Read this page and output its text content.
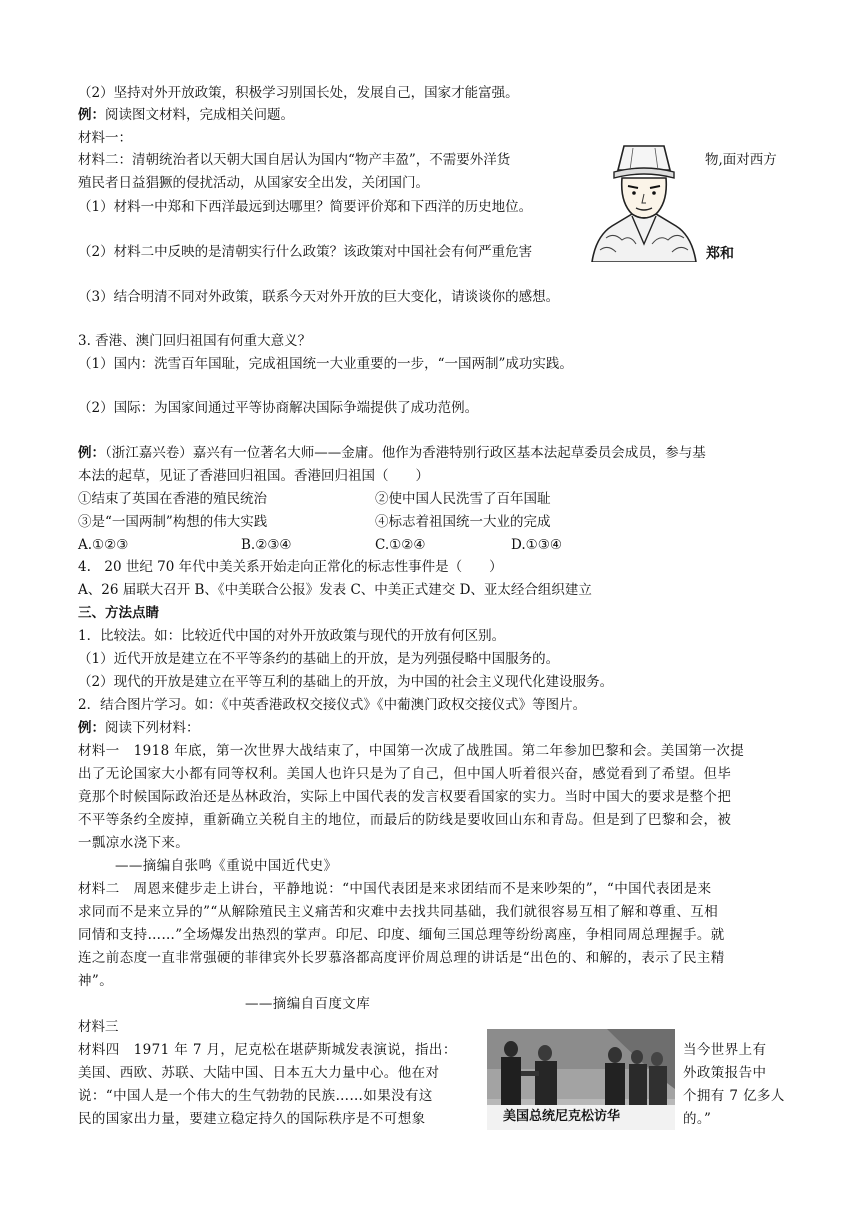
（2）坚持对外开放政策，积极学习别国长处，发展自己，国家才能富强。
例：阅读图文材料，完成相关问题。
材料一：
材料二：清朝统治者以天朝大国自居认为国内“物产丰盈”，不需要外洋货	物,面对西方
殖民者日益猖獗的侵扰活动，从国家安全出发，关闭国门。
（1）材料一中郑和下西洋最远到达哪里？简要评价郑和下西洋的历史地位。
（2）材料二中反映的是清朝实行什么政策？该政策对中国社会有何严重危害
（3）结合明清不同对外政策，联系今天对外开放的巨大变化，请谈谈你的感想。
3. 香港、澳门回归祖国有何重大意义？
（1）国内：洗雪百年国耻，完成祖国统一大业重要的一步，“一国两制”成功实践。
（2）国际：为国家间通过平等协商解决国际争端提供了成功范例。
例：（浙江嘉兴卷）嘉兴有一位著名大师——金庸。他作为香港特别行政区基本法起草委员会成员，参与基
本法的起草，见证了香港回归祖国。香港回归祖国（　　）
①结束了英国在香港的殖民统治	②使中国人民洗雪了百年国耻
③是“一国两制”构想的伟大实践	④标志着祖国统一大业的完成
A.①②③	B.②③④	C.①②④	D.①③④
4.　20 世纪 70 年代中美关系开始走向正常化的标志性事件是（　　）
A、26 届联大召开 B、《中美联合公报》发表 C、中美正式建交 D、亚太经合组织建立
三、方法点睛
1．比较法。如：比较近代中国的对外开放政策与现代的开放有何区别。
（1）近代开放是建立在不平等条约的基础上的开放，是为列强侵略中国服务的。
（2）现代的开放是建立在平等互利的基础上的开放，为中国的社会主义现代化建设服务。
2．结合图片学习。如：《中英香港政权交接仪式》《中葡澳门政权交接仪式》等图片。
例：阅读下列材料：
材料一　1918 年底，第一次世界大战结束了，中国第一次成了战胜国。第二年参加巴黎和会。美国第一次提
出了无论国家大小都有同等权利。美国人也许只是为了自己，但中国人听着很兴奋，感觉看到了希望。但毕
竟那个时候国际政治还是丛林政治，实际上中国代表的发言权要看国家的实力。当时中国大的要求是整个把
不平等条约全废掉，重新确立关税自主的地位，而最后的防线是要收回山东和青岛。但是到了巴黎和会，被
一瓢凉水浇下来。
——摘编自张鸣《重说中国近代史》
材料二　周恩来健步走上讲台，平静地说：“中国代表团是来求团结而不是来吵架的”，“中国代表团是来
求同而不是来立异的”“从解除殖民主义痛苦和灾难中去找共同基础，我们就很容易互相了解和尊重、互相
同情和支持……”全场爆发出热烈的掌声。印尼、印度、缅甸三国总理等纷纷离座，争相同周总理握手。就
连之前态度一直非常强硬的菲律宾外长罗慕洛都高度评价周总理的讲话是“出色的、和解的，表示了民主精
神”。
——摘编自百度文库
材料三
材料四　1971 年 7 月，尼克松在堪萨斯城发表演说，指出：	当今世界上有
美国、西欧、苏联、大陆中国、日本五大力量中心。他在对	外政策报告中
说：“中国人是一个伟大的生气勃勃的民族……如果没有这	个拥有 7 亿多人
民的国家出力量，要建立稳定持久的国际秩序是不可想象	的。”
郑和
美国总统尼克松访华
